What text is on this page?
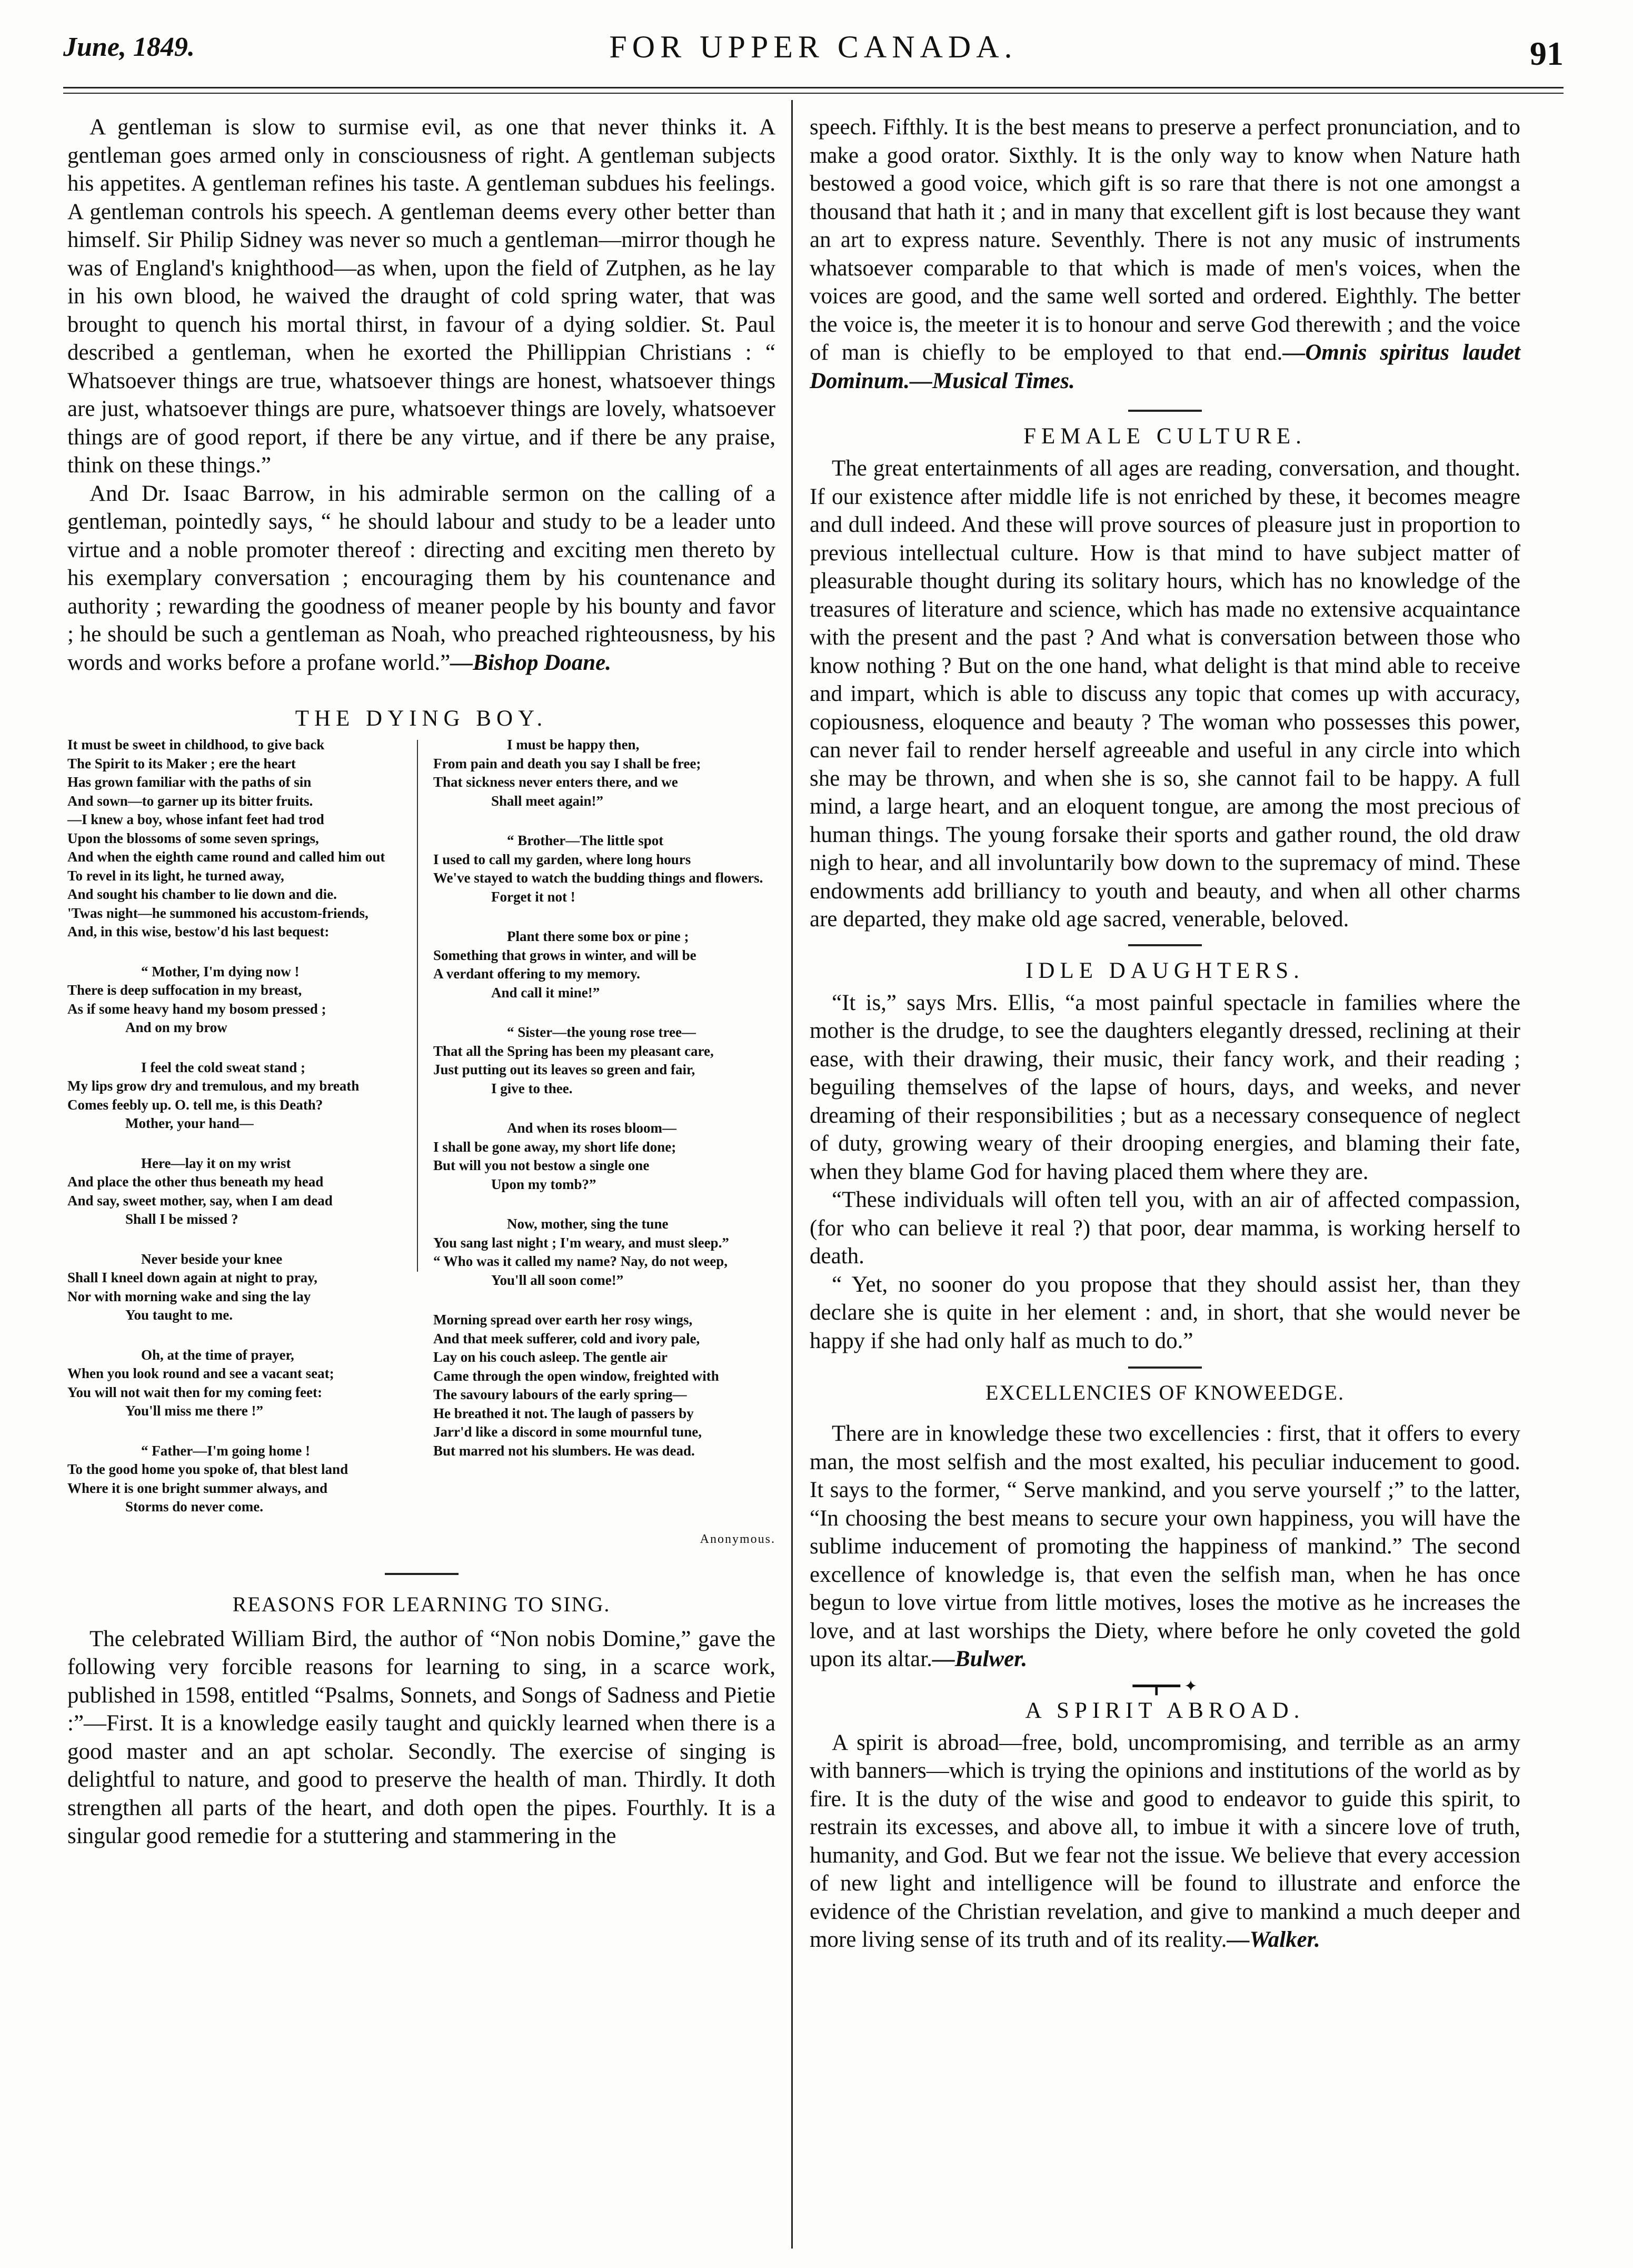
June, 1849.	FOR UPPER CANADA.	91

A gentleman is slow to surmise evil, as one that never thinks it. A gentleman goes armed only in consciousness of right. A gentleman subjects his appetites. A gentleman refines his taste. A gentleman subdues his feelings. A gentleman controls his speech. A gentleman deems every other better than himself. Sir Philip Sidney was never so much a gentleman—mirror though he was of England's knighthood—as when, upon the field of Zutphen, as he lay in his own blood, he waived the draught of cold spring water, that was brought to quench his mortal thirst, in favour of a dying soldier. St. Paul described a gentleman, when he exorted the Phillippian Christians : “ Whatsoever things are true, whatsoever things are honest, whatsoever things are just, whatsoever things are pure, whatsoever things are lovely, whatsoever things are of good report, if there be any virtue, and if there be any praise, think on these things.”

And Dr. Isaac Barrow, in his admirable sermon on the calling of a gentleman, pointedly says, “ he should labour and study to be a leader unto virtue and a noble promoter thereof : directing and exciting men thereto by his exemplary conversation ; encouraging them by his countenance and authority ; rewarding the goodness of meaner people by his bounty and favor ; he should be such a gentleman as Noah, who preached righteousness, by his words and works before a profane world.”—Bishop Doane.

THE DYING BOY.

It must be sweet in childhood, to give back

The Spirit to its Maker ; ere the heart

Has grown familiar with the paths of sin

And sown—to garner up its bitter fruits.

—I knew a boy, whose infant feet had trod

Upon the blossoms of some seven springs,

And when the eighth came round and called him out

To revel in its light, he turned away,

And sought his chamber to lie down and die.

'Twas night—he summoned his accustom-friends,

And, in this wise, bestow'd his last bequest:

“ Mother, I'm dying now !

There is deep suffocation in my breast,

As if some heavy hand my bosom pressed ;

And on my brow

I feel the cold sweat stand ;

My lips grow dry and tremulous, and my breath

Comes feebly up. O. tell me, is this Death?

Mother, your hand—

Here—lay it on my wrist

And place the other thus beneath my head

And say, sweet mother, say, when I am dead

Shall I be missed ?

Never beside your knee

Shall I kneel down again at night to pray,

Nor with morning wake and sing the lay

You taught to me.

Oh, at the time of prayer,

When you look round and see a vacant seat;

You will not wait then for my coming feet:

You'll miss me there !”

“ Father—I'm going home !

To the good home you spoke of, that blest land

Where it is one bright summer always, and

Storms do never come.

I must be happy then,

From pain and death you say I shall be free;

That sickness never enters there, and we

Shall meet again!”

“ Brother—The little spot

I used to call my garden, where long hours

We've stayed to watch the budding things and flowers.

Forget it not !

Plant there some box or pine ;

Something that grows in winter, and will be

A verdant offering to my memory.

And call it mine!”

“ Sister—the young rose tree—

That all the Spring has been my pleasant care,

Just putting out its leaves so green and fair,

I give to thee.

And when its roses bloom—

I shall be gone away, my short life done;

But will you not bestow a single one

Upon my tomb?”

Now, mother, sing the tune

You sang last night ; I'm weary, and must sleep.”

“ Who was it called my name? Nay, do not weep,

You'll all soon come!”

Morning spread over earth her rosy wings,

And that meek sufferer, cold and ivory pale,

Lay on his couch asleep. The gentle air

Came through the open window, freighted with

The savoury labours of the early spring—

He breathed it not. The laugh of passers by

Jarr'd like a discord in some mournful tune,

But marred not his slumbers. He was dead.

Anonymous.

REASONS FOR LEARNING TO SING.

The celebrated William Bird, the author of “Non nobis Domine,” gave the following very forcible reasons for learning to sing, in a scarce work, published in 1598, entitled “Psalms, Sonnets, and Songs of Sadness and Pietie :”—First. It is a knowledge easily taught and quickly learned when there is a good master and an apt scholar. Secondly. The exercise of singing is delightful to nature, and good to preserve the health of man. Thirdly. It doth strengthen all parts of the heart, and doth open the pipes. Fourthly. It is a singular good remedie for a stuttering and stammering in the

speech. Fifthly. It is the best means to preserve a perfect pronunciation, and to make a good orator. Sixthly. It is the only way to know when Nature hath bestowed a good voice, which gift is so rare that there is not one amongst a thousand that hath it ; and in many that excellent gift is lost because they want an art to express nature. Seventhly. There is not any music of instruments whatsoever comparable to that which is made of men's voices, when the voices are good, and the same well sorted and ordered. Eighthly. The better the voice is, the meeter it is to honour and serve God therewith ; and the voice of man is chiefly to be employed to that end.—Omnis spiritus laudet Dominum.—Musical Times.

FEMALE CULTURE.

The great entertainments of all ages are reading, conversation, and thought. If our existence after middle life is not enriched by these, it becomes meagre and dull indeed. And these will prove sources of pleasure just in proportion to previous intellectual culture. How is that mind to have subject matter of pleasurable thought during its solitary hours, which has no knowledge of the treasures of literature and science, which has made no extensive acquaintance with the present and the past ? And what is conversation between those who know nothing ? But on the one hand, what delight is that mind able to receive and impart, which is able to discuss any topic that comes up with accuracy, copiousness, eloquence and beauty ? The woman who possesses this power, can never fail to render herself agreeable and useful in any circle into which she may be thrown, and when she is so, she cannot fail to be happy. A full mind, a large heart, and an eloquent tongue, are among the most precious of human things. The young forsake their sports and gather round, the old draw nigh to hear, and all involuntarily bow down to the supremacy of mind. These endowments add brilliancy to youth and beauty, and when all other charms are departed, they make old age sacred, venerable, beloved.

IDLE DAUGHTERS.

“It is,” says Mrs. Ellis, “a most painful spectacle in families where the mother is the drudge, to see the daughters elegantly dressed, reclining at their ease, with their drawing, their music, their fancy work, and their reading ; beguiling themselves of the lapse of hours, days, and weeks, and never dreaming of their responsibilities ; but as a necessary consequence of neglect of duty, growing weary of their drooping energies, and blaming their fate, when they blame God for having placed them where they are.

“These individuals will often tell you, with an air of affected compassion, (for who can believe it real ?) that poor, dear mamma, is working herself to death.

“ Yet, no sooner do you propose that they should assist her, than they declare she is quite in her element : and, in short, that she would never be happy if she had only half as much to do.”

EXCELLENCIES OF KNOWEEDGE.

There are in knowledge these two excellencies : first, that it offers to every man, the most selfish and the most exalted, his peculiar inducement to good. It says to the former, “ Serve mankind, and you serve yourself ;” to the latter, “In choosing the best means to secure your own happiness, you will have the sublime inducement of promoting the happiness of mankind.” The second excellence of knowledge is, that even the selfish man, when he has once begun to love virtue from little motives, loses the motive as he increases the love, and at last worships the Diety, where before he only coveted the gold upon its altar.—Bulwer.

━━┳━━ ✦

A SPIRIT ABROAD.

A spirit is abroad—free, bold, uncompromising, and terrible as an army with banners—which is trying the opinions and institutions of the world as by fire. It is the duty of the wise and good to endeavor to guide this spirit, to restrain its excesses, and above all, to imbue it with a sincere love of truth, humanity, and God. But we fear not the issue. We believe that every accession of new light and intelligence will be found to illustrate and enforce the evidence of the Christian revelation, and give to mankind a much deeper and more living sense of its truth and of its reality.—Walker.
